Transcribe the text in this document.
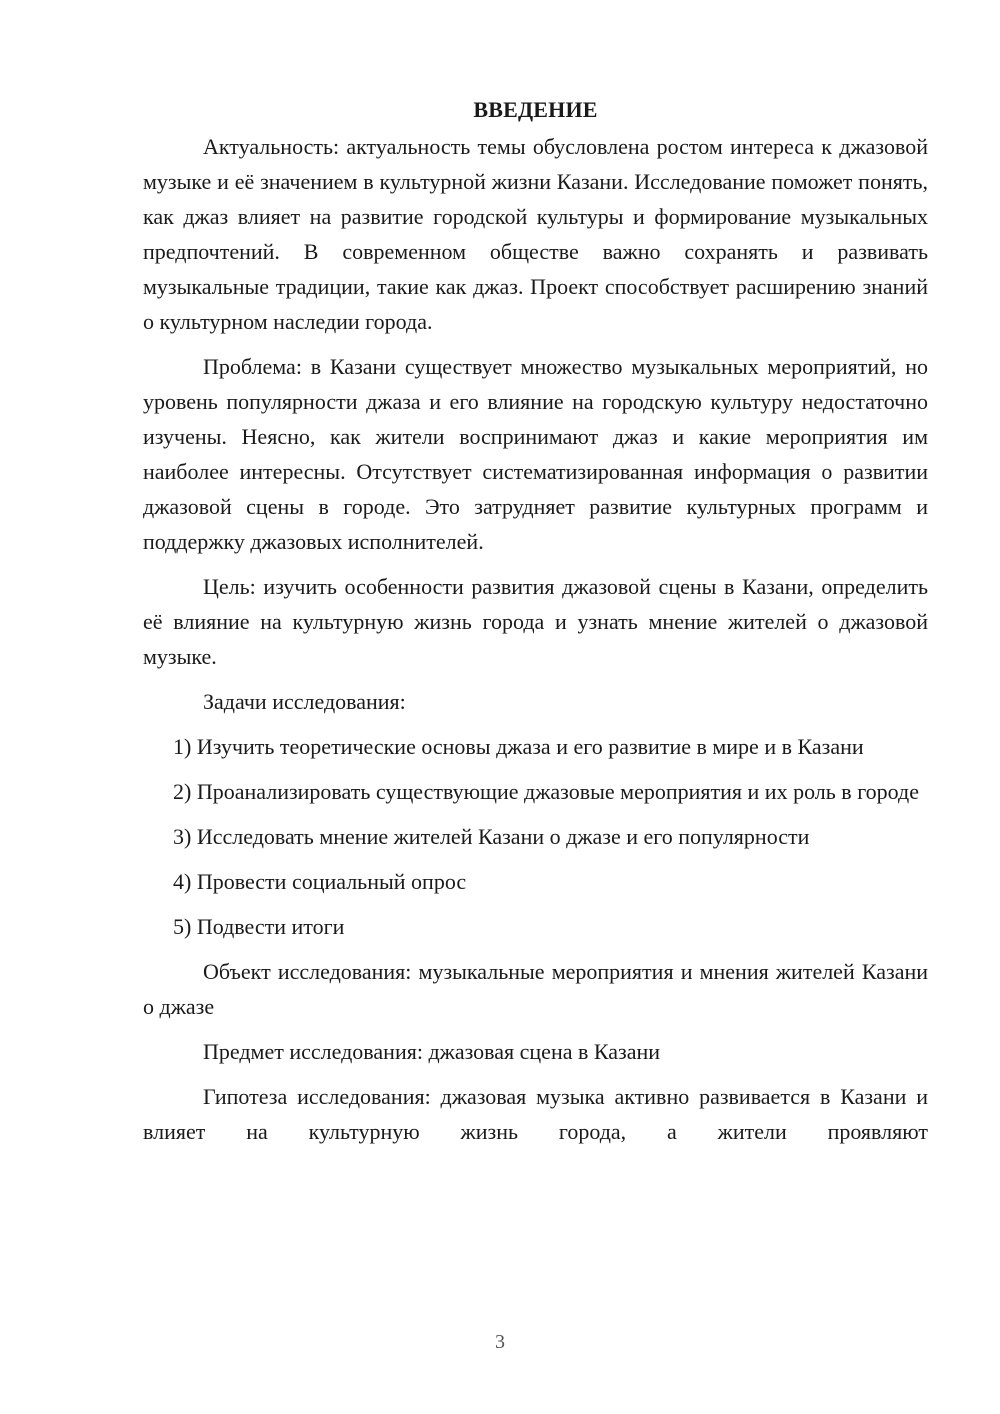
ВВЕДЕНИЕ

Актуальность: актуальность темы обусловлена ростом интереса к джазовой музыке и её значением в культурной жизни Казани. Исследование поможет понять, как джаз влияет на развитие городской культуры и формирование музыкальных предпочтений. В современном обществе важно сохранять и развивать музыкальные традиции, такие как джаз. Проект способствует расширению знаний о культурном наследии города.

Проблема: в Казани существует множество музыкальных мероприятий, но уровень популярности джаза и его влияние на городскую культуру недостаточно изучены. Неясно, как жители воспринимают джаз и какие мероприятия им наиболее интересны. Отсутствует систематизированная информация о развитии джазовой сцены в городе. Это затрудняет развитие культурных программ и поддержку джазовых исполнителей.

Цель: изучить особенности развития джазовой сцены в Казани, определить её влияние на культурную жизнь города и узнать мнение жителей о джазовой музыке.

Задачи исследования:

1) Изучить теоретические основы джаза и его развитие в мире и в Казани

2) Проанализировать существующие джазовые мероприятия и их роль в городе

3) Исследовать мнение жителей Казани о джазе и его популярности

4) Провести социальный опрос

5) Подвести итоги

Объект исследования: музыкальные мероприятия и мнения жителей Казани о джазе

Предмет исследования: джазовая сцена в Казани

Гипотеза исследования: джазовая музыка активно развивается в Казани и влияет на культурную жизнь города, а жители проявляют

3
